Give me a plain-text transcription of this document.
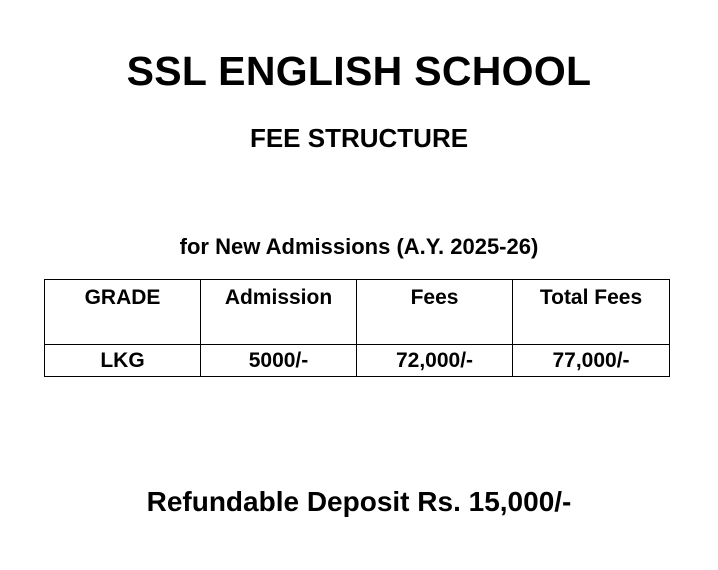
SSL ENGLISH SCHOOL
FEE STRUCTURE
for New Admissions (A.Y. 2025-26)
GRADE	Admission	Fees	Total Fees
LKG	5000/-	72,000/-	77,000/-
Refundable Deposit Rs. 15,000/-
